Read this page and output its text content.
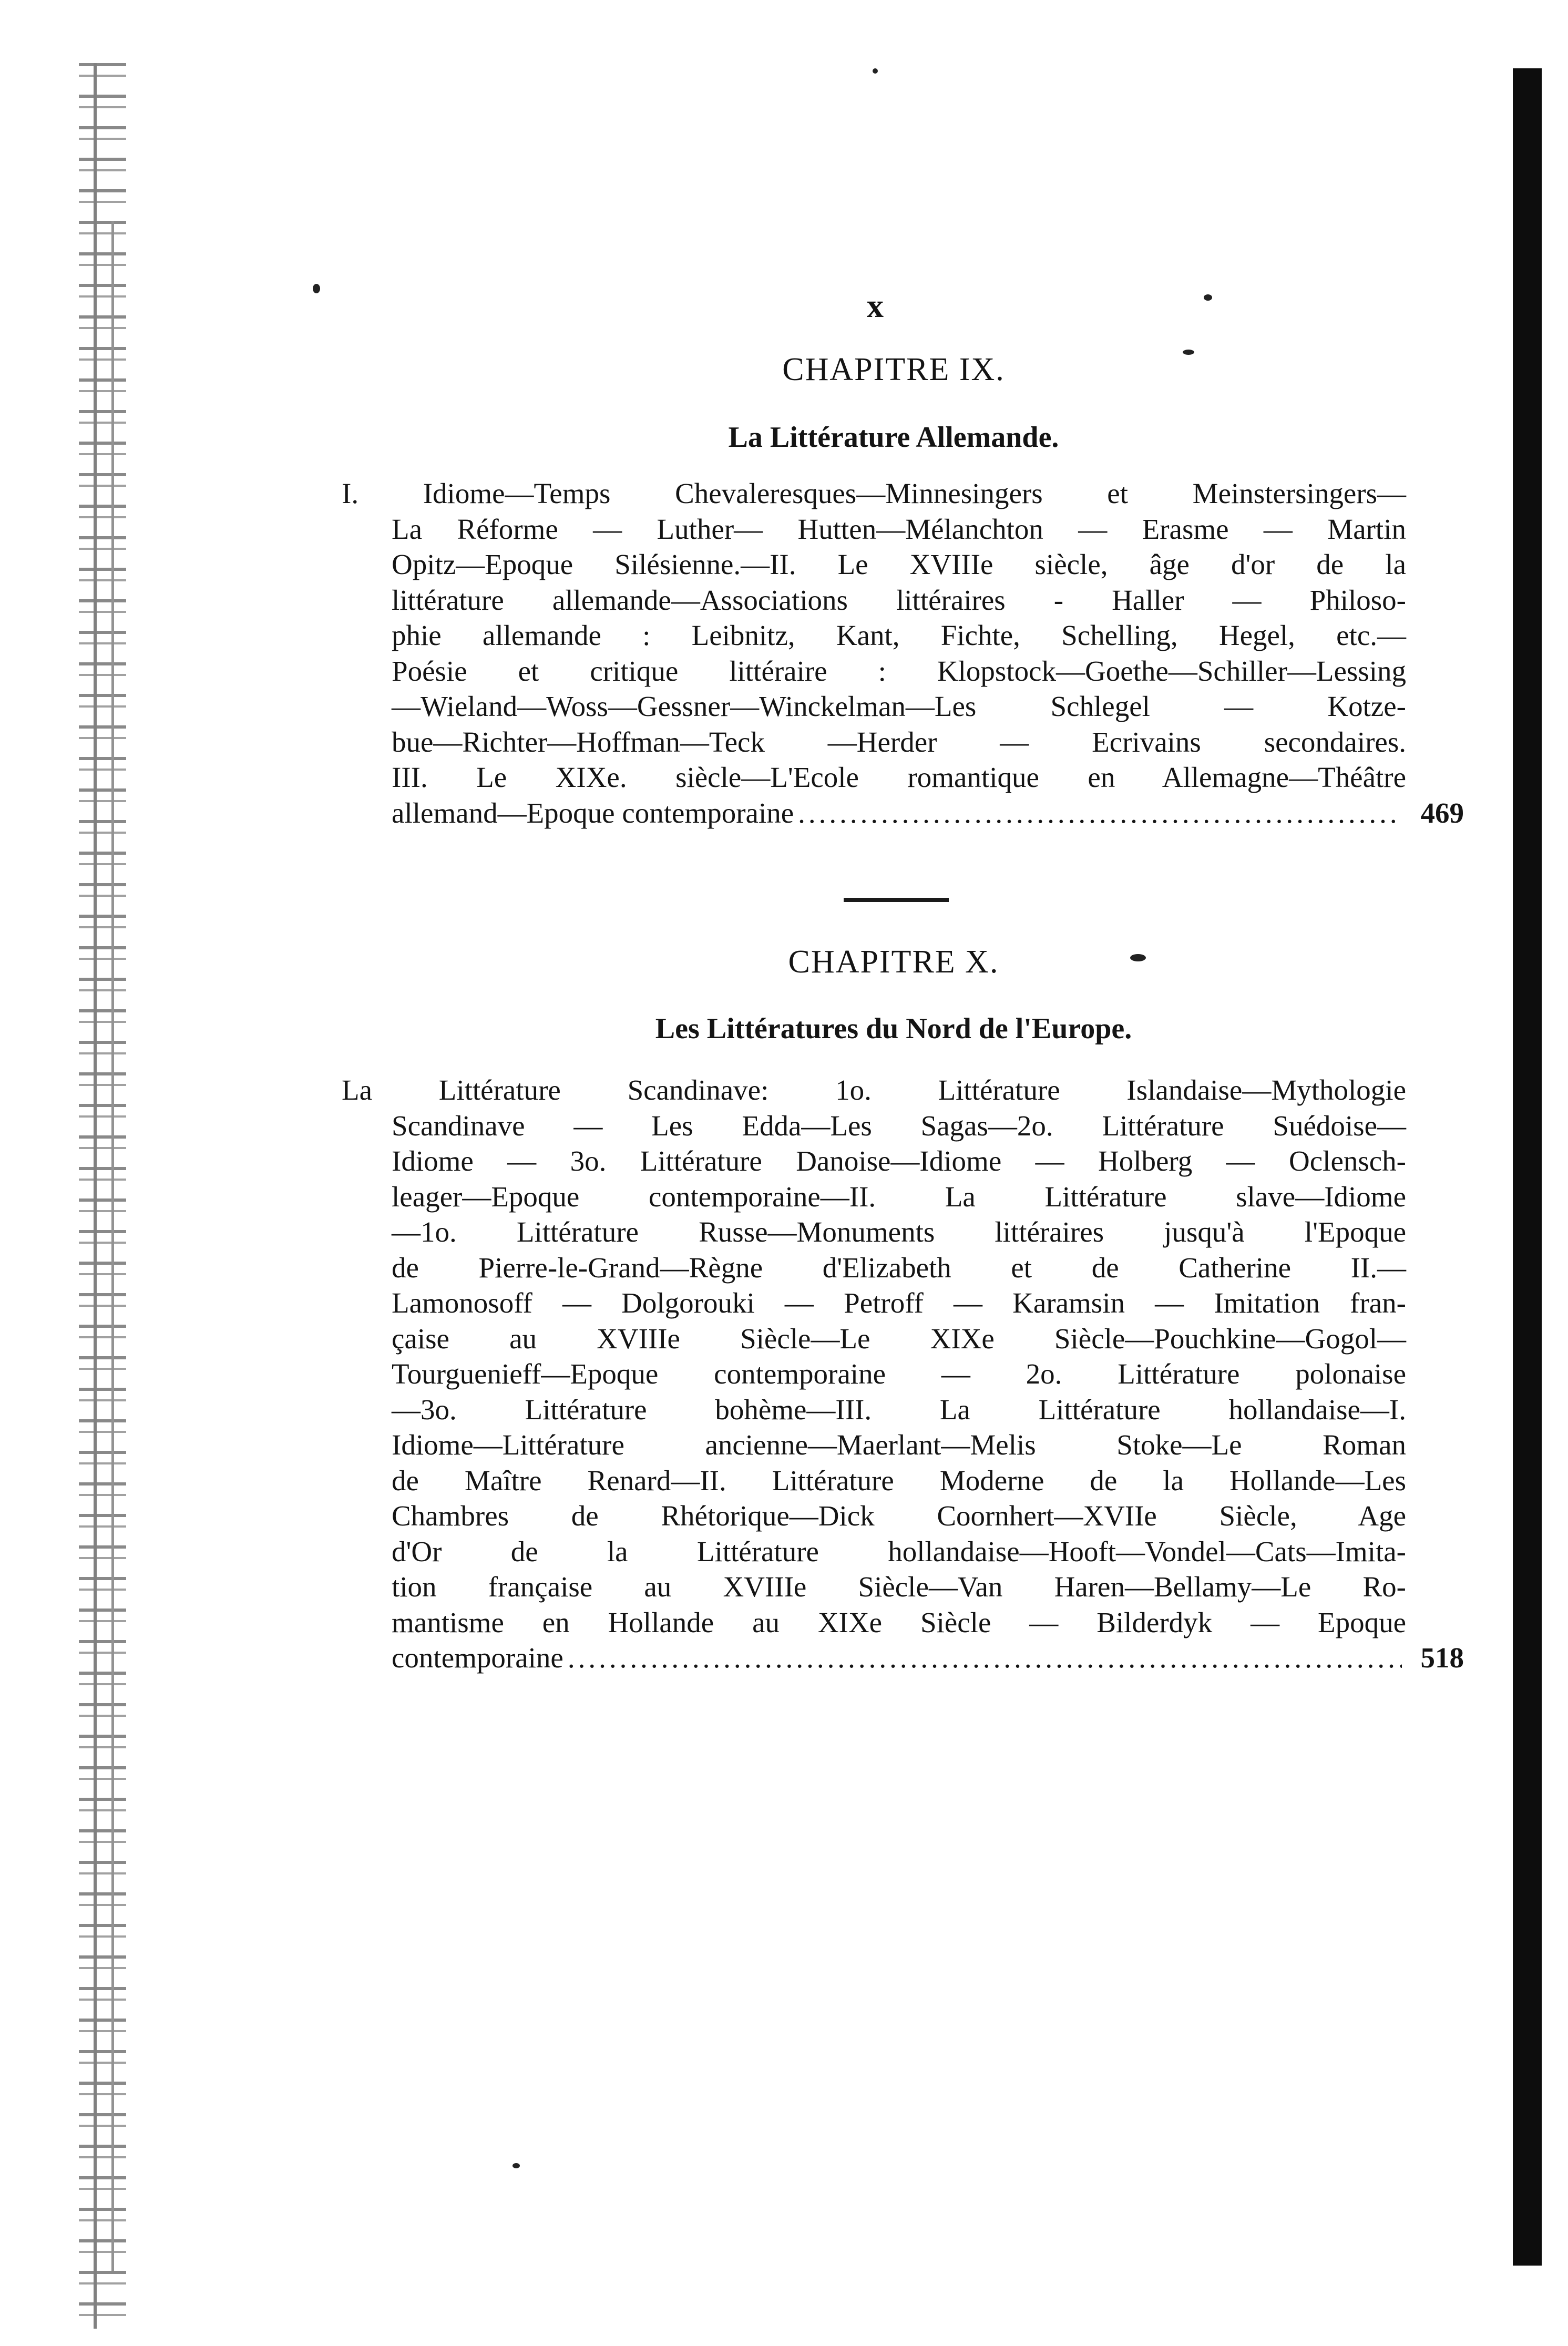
x
CHAPITRE IX.
La Littérature Allemande.
I. Idiome—Temps Chevaleresques—Minnesingers et Meinstersingers—
La Réforme — Luther— Hutten—Mélanchton — Erasme — Martin
Opitz—Epoque Silésienne.—II. Le XVIIIe siècle, âge d'or de la
littérature allemande—Associations littéraires - Haller — Philoso-
phie allemande : Leibnitz, Kant, Fichte, Schelling, Hegel, etc.—
Poésie et critique littéraire : Klopstock—Goethe—Schiller—Lessing
—Wieland—Woss—Gessner—Winckelman—Les Schlegel — Kotze-
bue—Richter—Hoffman—Teck —Herder — Ecrivains secondaires.
III. Le XIXe. siècle—L'Ecole romantique en Allemagne—Théâtre
allemand—Epoque contemporaine .....	469
CHAPITRE X.
Les Littératures du Nord de l'Europe.
La Littérature Scandinave: 1o. Littérature Islandaise—Mythologie
Scandinave — Les Edda—Les Sagas—2o. Littérature Suédoise—
Idiome — 3o. Littérature Danoise—Idiome — Holberg — Oclensch-
leager—Epoque contemporaine—II. La Littérature slave—Idiome
—1o. Littérature Russe—Monuments littéraires jusqu'à l'Epoque
de Pierre-le-Grand—Règne d'Elizabeth et de Catherine II.—
Lamonosoff — Dolgorouki — Petroff — Karamsin — Imitation fran-
çaise au XVIIIe Siècle—Le XIXe Siècle—Pouchkine—Gogol—
Tourguenieff—Epoque contemporaine — 2o. Littérature polonaise
—3o. Littérature bohème—III. La Littérature hollandaise—I.
Idiome—Littérature ancienne—Maerlant—Melis Stoke—Le Roman
de Maître Renard—II. Littérature Moderne de la Hollande—Les
Chambres de Rhétorique—Dick Coornhert—XVIIe Siècle, Age
d'Or de la Littérature hollandaise—Hooft—Vondel—Cats—Imita-
tion française au XVIIIe Siècle—Van Haren—Bellamy—Le Ro-
mantisme en Hollande au XIXe Siècle — Bilderdyk — Epoque
contemporaine .....	518
